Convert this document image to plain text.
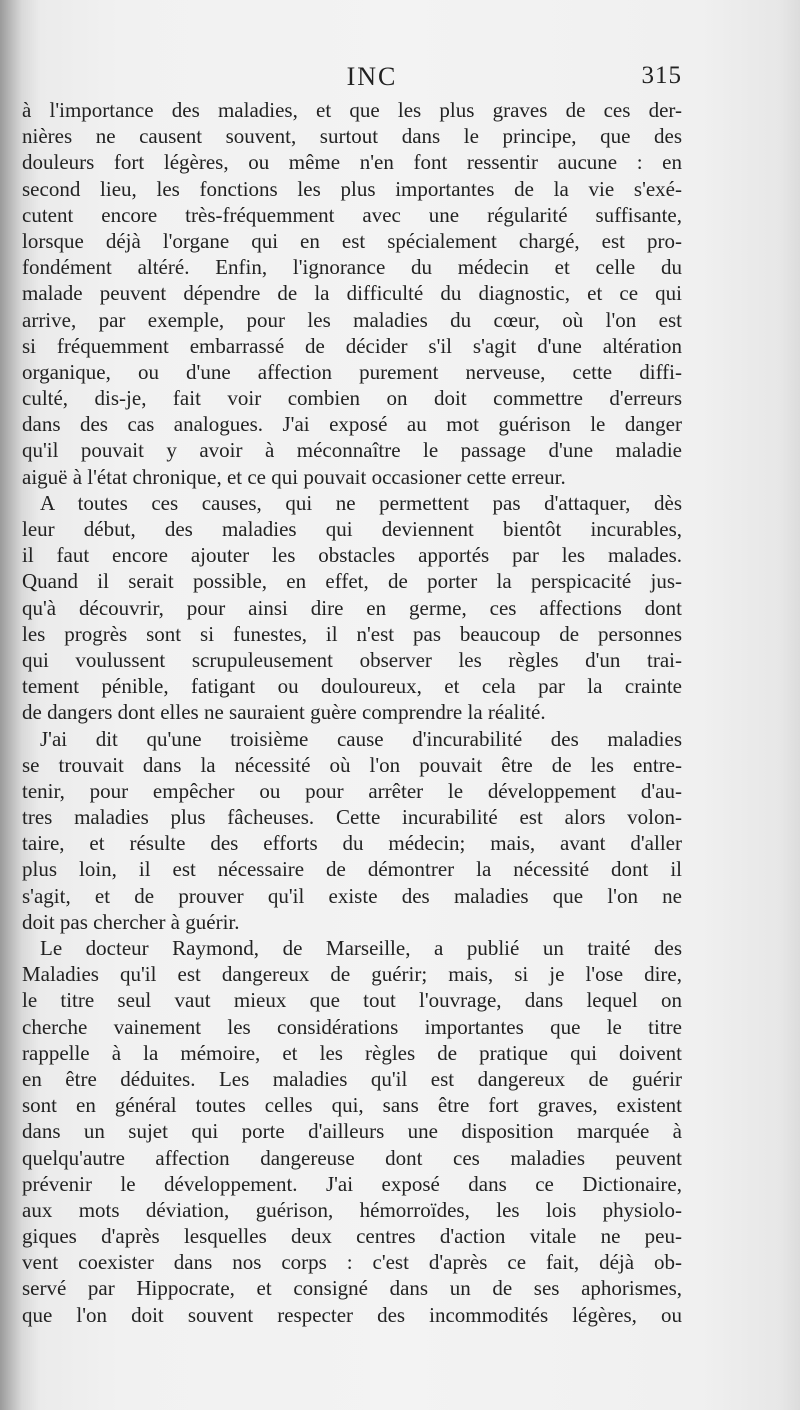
INC	315
à l'importance des maladies, et que les plus graves de ces der-
nières ne causent souvent, surtout dans le principe, que des
douleurs fort légères, ou même n'en font ressentir aucune : en
second lieu, les fonctions les plus importantes de la vie s'exé-
cutent encore très-fréquemment avec une régularité suffisante,
lorsque déjà l'organe qui en est spécialement chargé, est pro-
fondément altéré. Enfin, l'ignorance du médecin et celle du
malade peuvent dépendre de la difficulté du diagnostic, et ce qui
arrive, par exemple, pour les maladies du cœur, où l'on est
si fréquemment embarrassé de décider s'il s'agit d'une altération
organique, ou d'une affection purement nerveuse, cette diffi-
culté, dis-je, fait voir combien on doit commettre d'erreurs
dans des cas analogues. J'ai exposé au mot guérison le danger
qu'il pouvait y avoir à méconnaître le passage d'une maladie
aiguë à l'état chronique, et ce qui pouvait occasioner cette erreur.
A toutes ces causes, qui ne permettent pas d'attaquer, dès
leur début, des maladies qui deviennent bientôt incurables,
il faut encore ajouter les obstacles apportés par les malades.
Quand il serait possible, en effet, de porter la perspicacité jus-
qu'à découvrir, pour ainsi dire en germe, ces affections dont
les progrès sont si funestes, il n'est pas beaucoup de personnes
qui voulussent scrupuleusement observer les règles d'un trai-
tement pénible, fatigant ou douloureux, et cela par la crainte
de dangers dont elles ne sauraient guère comprendre la réalité.
J'ai dit qu'une troisième cause d'incurabilité des maladies
se trouvait dans la nécessité où l'on pouvait être de les entre-
tenir, pour empêcher ou pour arrêter le développement d'au-
tres maladies plus fâcheuses. Cette incurabilité est alors volon-
taire, et résulte des efforts du médecin; mais, avant d'aller
plus loin, il est nécessaire de démontrer la nécessité dont il
s'agit, et de prouver qu'il existe des maladies que l'on ne
doit pas chercher à guérir.
Le docteur Raymond, de Marseille, a publié un traité des
Maladies qu'il est dangereux de guérir; mais, si je l'ose dire,
le titre seul vaut mieux que tout l'ouvrage, dans lequel on
cherche vainement les considérations importantes que le titre
rappelle à la mémoire, et les règles de pratique qui doivent
en être déduites. Les maladies qu'il est dangereux de guérir
sont en général toutes celles qui, sans être fort graves, existent
dans un sujet qui porte d'ailleurs une disposition marquée à
quelqu'autre affection dangereuse dont ces maladies peuvent
prévenir le développement. J'ai exposé dans ce Dictionaire,
aux mots déviation, guérison, hémorroïdes, les lois physiolo-
giques d'après lesquelles deux centres d'action vitale ne peu-
vent coexister dans nos corps : c'est d'après ce fait, déjà ob-
servé par Hippocrate, et consigné dans un de ses aphorismes,
que l'on doit souvent respecter des incommodités légères, ou
